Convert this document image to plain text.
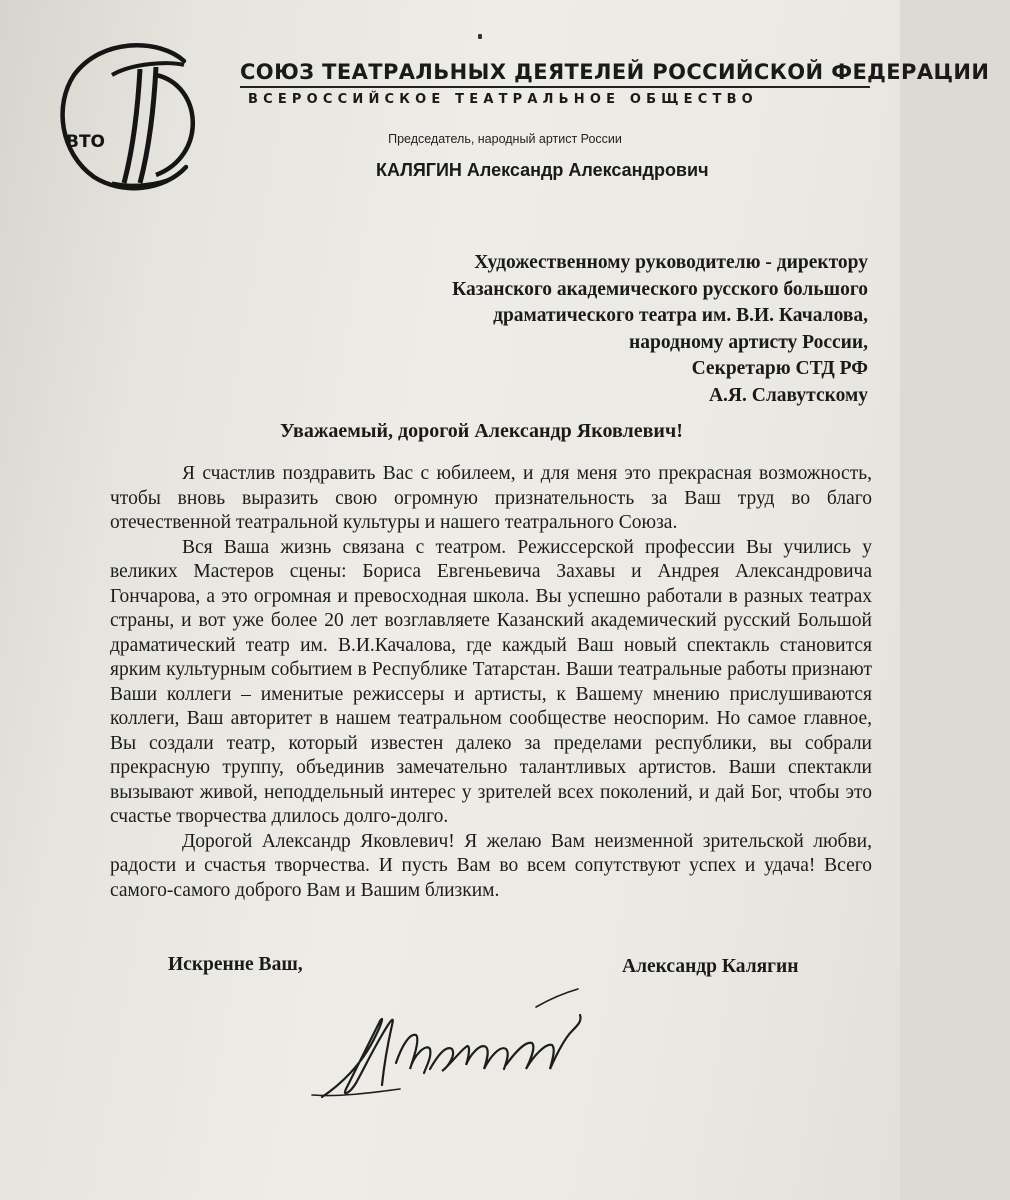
ВТО
СОЮЗ ТЕАТРАЛЬНЫХ ДЕЯТЕЛЕЙ РОССИЙСКОЙ ФЕДЕРАЦИИ
ВСЕРОССИЙСКОЕ ТЕАТРАЛЬНОЕ ОБЩЕСТВО
Председатель, народный артист России
КАЛЯГИН Александр Александрович
Художественному руководителю - директору
Казанского академического русского большого
драматического театра им. В.И. Качалова,
народному артисту России,
Секретарю СТД РФ
А.Я. Славутскому
Уважаемый, дорогой Александр Яковлевич!

Я счастлив поздравить Вас с юбилеем, и для меня это прекрасная возможность, чтобы вновь выразить свою огромную признательность за Ваш труд во благо отечественной театральной культуры и нашего театрального Союза.

Вся Ваша жизнь связана с театром. Режиссерской профессии Вы учились у великих Мастеров сцены: Бориса Евгеньевича Захавы и Андрея Александровича Гончарова, а это огромная и превосходная школа. Вы успешно работали в разных театрах страны, и вот уже более 20 лет возглавляете Казанский академический русский Большой драматический театр им. В.И.Качалова, где каждый Ваш новый спектакль становится ярким культурным событием в Республике Татарстан. Ваши театральные работы признают Ваши коллеги – именитые режиссеры и артисты, к Вашему мнению прислушиваются коллеги, Ваш авторитет в нашем театральном сообществе неоспорим. Но самое главное, Вы создали театр, который известен далеко за пределами республики, вы собрали прекрасную труппу, объединив замечательно талантливых артистов. Ваши спектакли вызывают живой, неподдельный интерес у зрителей всех поколений, и дай Бог, чтобы это счастье творчества длилось долго-долго.

Дорогой Александр Яковлевич! Я желаю Вам неизменной зрительской любви, радости и счастья творчества. И пусть Вам во всем сопутствуют успех и удача! Всего самого-самого доброго Вам и Вашим близким.

Искренне Ваш,	Александр Калягин
